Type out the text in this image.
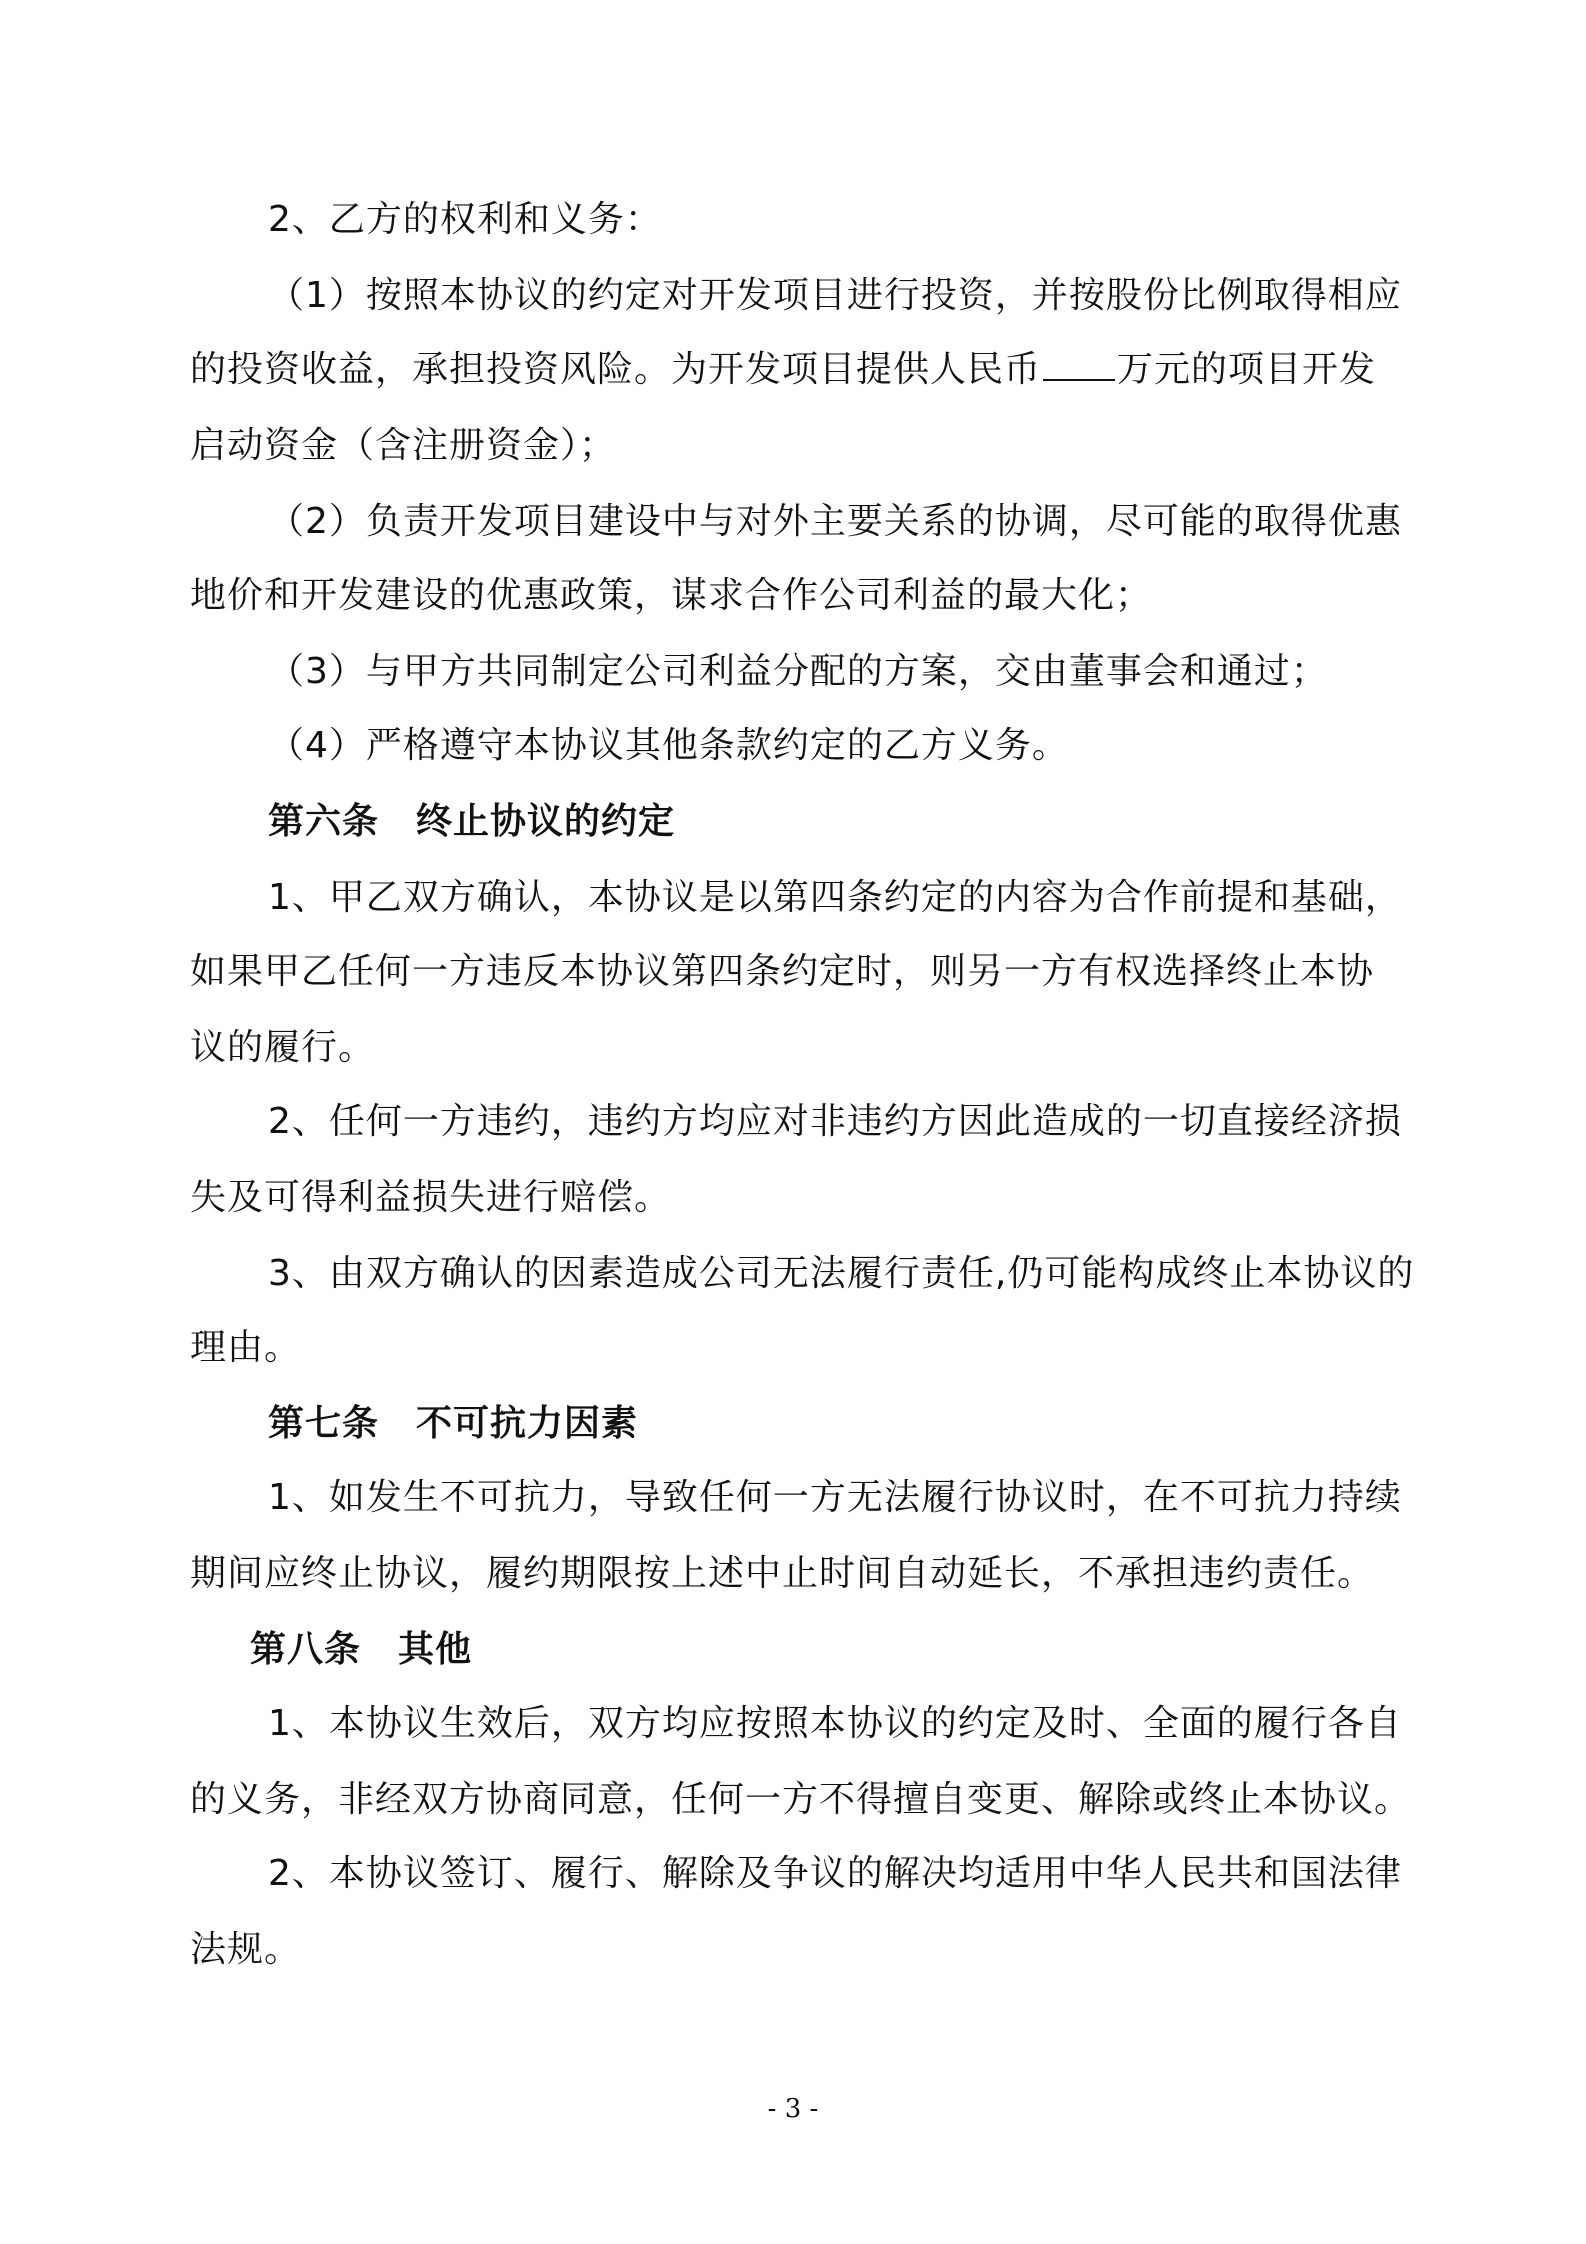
2、乙方的权利和义务：
（1）按照本协议的约定对开发项目进行投资，并按股份比例取得相应
的投资收益，承担投资风险。为开发项目提供人民币 万元的项目开发
启动资金（含注册资金）；
（2）负责开发项目建设中与对外主要关系的协调，尽可能的取得优惠
地价和开发建设的优惠政策，谋求合作公司利益的最大化；
（3）与甲方共同制定公司利益分配的方案，交由董事会和通过；
（4）严格遵守本协议其他条款约定的乙方义务。
第六条　终止协议的约定
1、甲乙双方确认，本协议是以第四条约定的内容为合作前提和基础，
如果甲乙任何一方违反本协议第四条约定时，则另一方有权选择终止本协
议的履行。
2、任何一方违约，违约方均应对非违约方因此造成的一切直接经济损
失及可得利益损失进行赔偿。
3、由双方确认的因素造成公司无法履行责任,仍可能构成终止本协议的
理由。
第七条　不可抗力因素
1、如发生不可抗力，导致任何一方无法履行协议时，在不可抗力持续
期间应终止协议，履约期限按上述中止时间自动延长，不承担违约责任。
第八条　其他
1、本协议生效后，双方均应按照本协议的约定及时、全面的履行各自
的义务，非经双方协商同意，任何一方不得擅自变更、解除或终止本协议。
2、本协议签订、履行、解除及争议的解决均适用中华人民共和国法律
法规。
- 3 -
